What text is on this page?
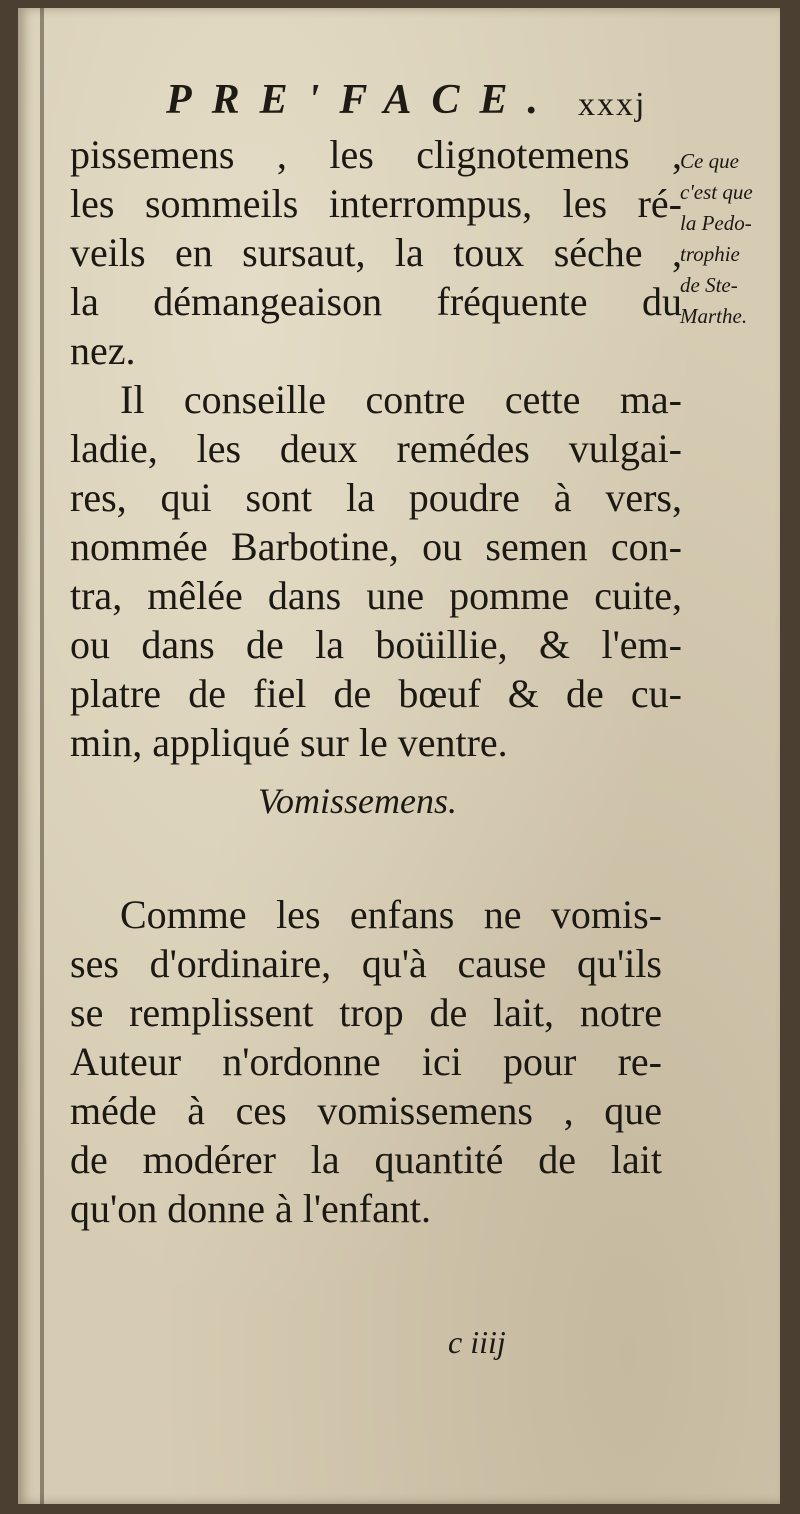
PRE'FACE. xxxj
pissemens , les clignotemens ,
les sommeils interrompus, les ré-
veils en sursaut, la toux séche ,
la démangeaison fréquente du
nez.
Il conseille contre cette ma-
ladie, les deux remédes vulgai-
res, qui sont la poudre à vers,
nommée Barbotine, ou semen con-
tra, mêlée dans une pomme cuite,
ou dans de la boüillie, & l'em-
platre de fiel de bœuf & de cu-
min, appliqué sur le ventre.
Vomissemens.
Comme les enfans ne vomis-
ses d'ordinaire, qu'à cause qu'ils
se remplissent trop de lait, notre
Auteur n'ordonne ici pour re-
méde à ces vomissemens , que
de modérer la quantité de lait
qu'on donne à l'enfant.
Ce que
c'est que
la Pedo-
trophie
de Ste-
Marthe.
c iiij
